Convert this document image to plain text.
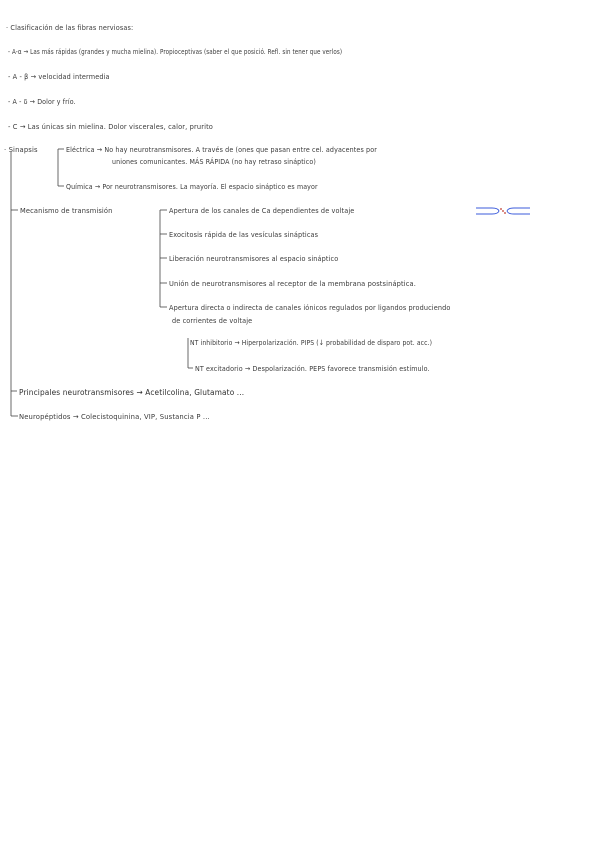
· Clasificación de las fibras nerviosas:
- A-α → Las más rápidas (grandes y mucha mielina). Propioceptivas (saber el que posició. Refl. sin tener que verlos)
- A - β → velocidad intermedia
- A - δ → Dolor y frío.
- C → Las únicas sin mielina. Dolor viscerales, calor, prurito
· Sinapsis	Eléctrica → No hay neurotransmisores. A través de (ones que pasan entre cel. adyacentes por
uniones comunicantes. MÁS RÁPIDA (no hay retraso sináptico)
Química → Por neurotransmisores. La mayoría. El espacio sináptico es mayor
Mecanismo de transmisión	Apertura de los canales de Ca dependientes de voltaje
Exocitosis rápida de las vesículas sinápticas
Liberación neurotransmisores al espacio sináptico
Unión de neurotransmisores al receptor de la membrana postsináptica.
Apertura directa o indirecta de canales iónicos regulados por ligandos produciendo
de corrientes de voltaje
NT inhibitorio → Hiperpolarización. PIPS (↓ probabilidad de disparo pot. acc.)
NT excitadorio → Despolarización. PEPS favorece transmisión estímulo.
Principales neurotransmisores → Acetilcolina, Glutamato ...
Neuropéptidos → Colecistoquinina, VIP, Sustancia P ...
